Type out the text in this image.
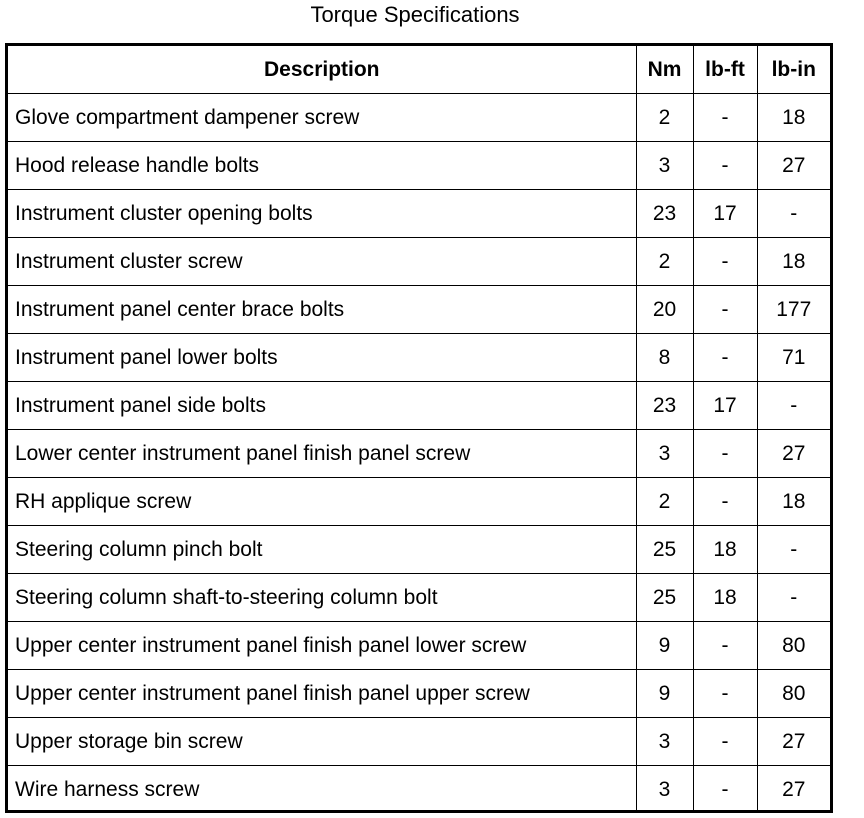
Torque Specifications
Description	Nm	lb-ft	lb-in
Glove compartment dampener screw	2	-	18
Hood release handle bolts	3	-	27
Instrument cluster opening bolts	23	17	-
Instrument cluster screw	2	-	18
Instrument panel center brace bolts	20	-	177
Instrument panel lower bolts	8	-	71
Instrument panel side bolts	23	17	-
Lower center instrument panel finish panel screw	3	-	27
RH applique screw	2	-	18
Steering column pinch bolt	25	18	-
Steering column shaft-to-steering column bolt	25	18	-
Upper center instrument panel finish panel lower screw	9	-	80
Upper center instrument panel finish panel upper screw	9	-	80
Upper storage bin screw	3	-	27
Wire harness screw	3	-	27
